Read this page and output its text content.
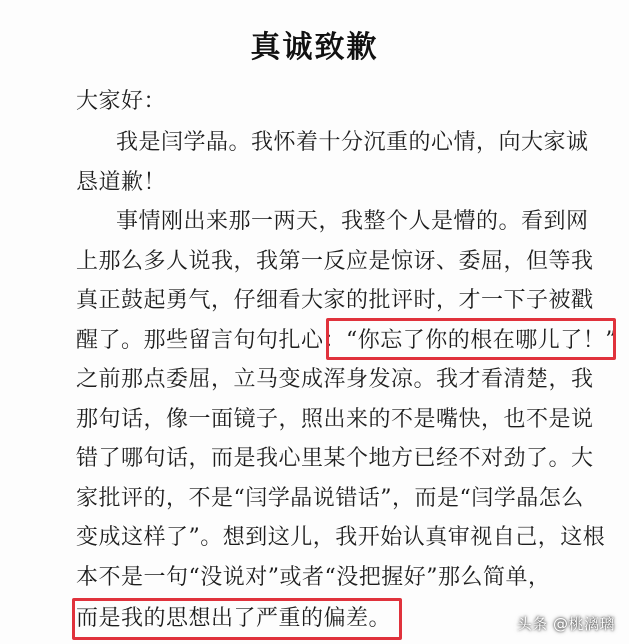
真诚致歉
大家好：
我是闫学晶。我怀着十分沉重的心情，向大家诚
恳道歉！
事情刚出来那一两天，我整个人是懵的。看到网
上那么多人说我，我第一反应是惊讶、委屈，但等我
真正鼓起勇气，仔细看大家的批评时，才一下子被戳
醒了。那些留言句句扎心：“你忘了你的根在哪儿了！”
之前那点委屈，立马变成浑身发凉。我才看清楚，我
那句话，像一面镜子，照出来的不是嘴快，也不是说
错了哪句话，而是我心里某个地方已经不对劲了。大
家批评的，不是“闫学晶说错话”，而是“闫学晶怎么
变成这样了”。想到这儿，我开始认真审视自己，这根
本不是一句“没说对”或者“没把握好”那么简单，
而是我的思想出了严重的偏差。	头条 @桃漓璃
